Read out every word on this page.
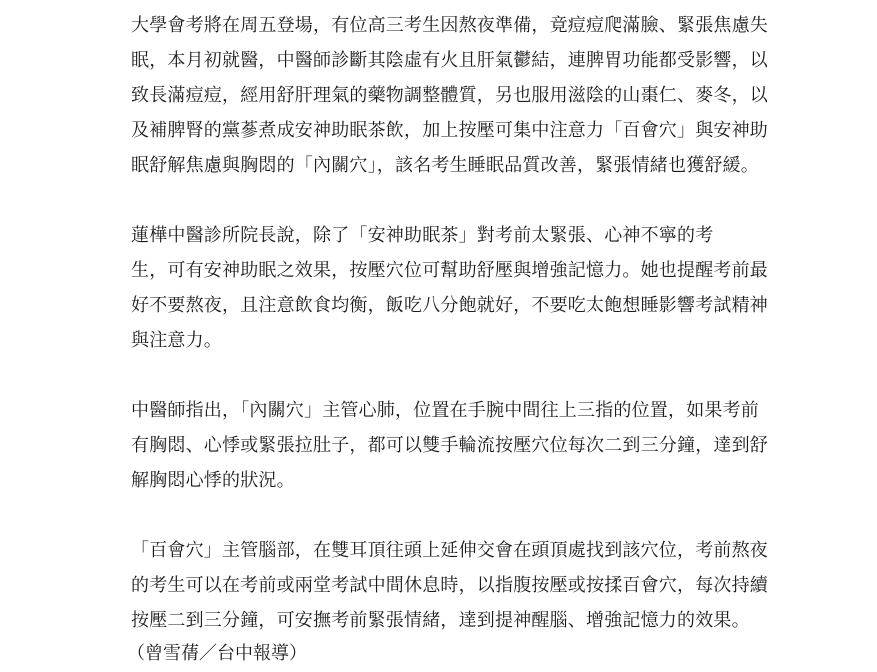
大學會考將在周五登場，有位高三考生因熬夜準備，竟痘痘爬滿臉、緊張焦慮失
眠，本月初就醫，中醫師診斷其陰虛有火且肝氣鬱結，連脾胃功能都受影響，以
致長滿痘痘，經用舒肝理氣的藥物調整體質，另也服用滋陰的山棗仁、麥冬，以
及補脾腎的黨蔘煮成安神助眠茶飲，加上按壓可集中注意力「百會穴」與安神助
眠舒解焦慮與胸悶的「內關穴」，該名考生睡眠品質改善，緊張情緒也獲舒緩。

蓮樺中醫診所院長說，除了「安神助眠茶」對考前太緊張、心神不寧的考
生，可有安神助眠之效果，按壓穴位可幫助舒壓與增強記憶力。她也提醒考前最
好不要熬夜，且注意飲食均衡，飯吃八分飽就好，不要吃太飽想睡影響考試精神
與注意力。

中醫師指出，「內關穴」主管心肺，位置在手腕中間往上三指的位置，如果考前
有胸悶、心悸或緊張拉肚子，都可以雙手輪流按壓穴位每次二到三分鐘，達到舒
解胸悶心悸的狀況。

「百會穴」主管腦部，在雙耳頂往頭上延伸交會在頭頂處找到該穴位，考前熬夜
的考生可以在考前或兩堂考試中間休息時，以指腹按壓或按揉百會穴，每次持續
按壓二到三分鐘，可安撫考前緊張情緒，達到提神醒腦、增強記憶力的效果。

（曾雪蒨／台中報導）
